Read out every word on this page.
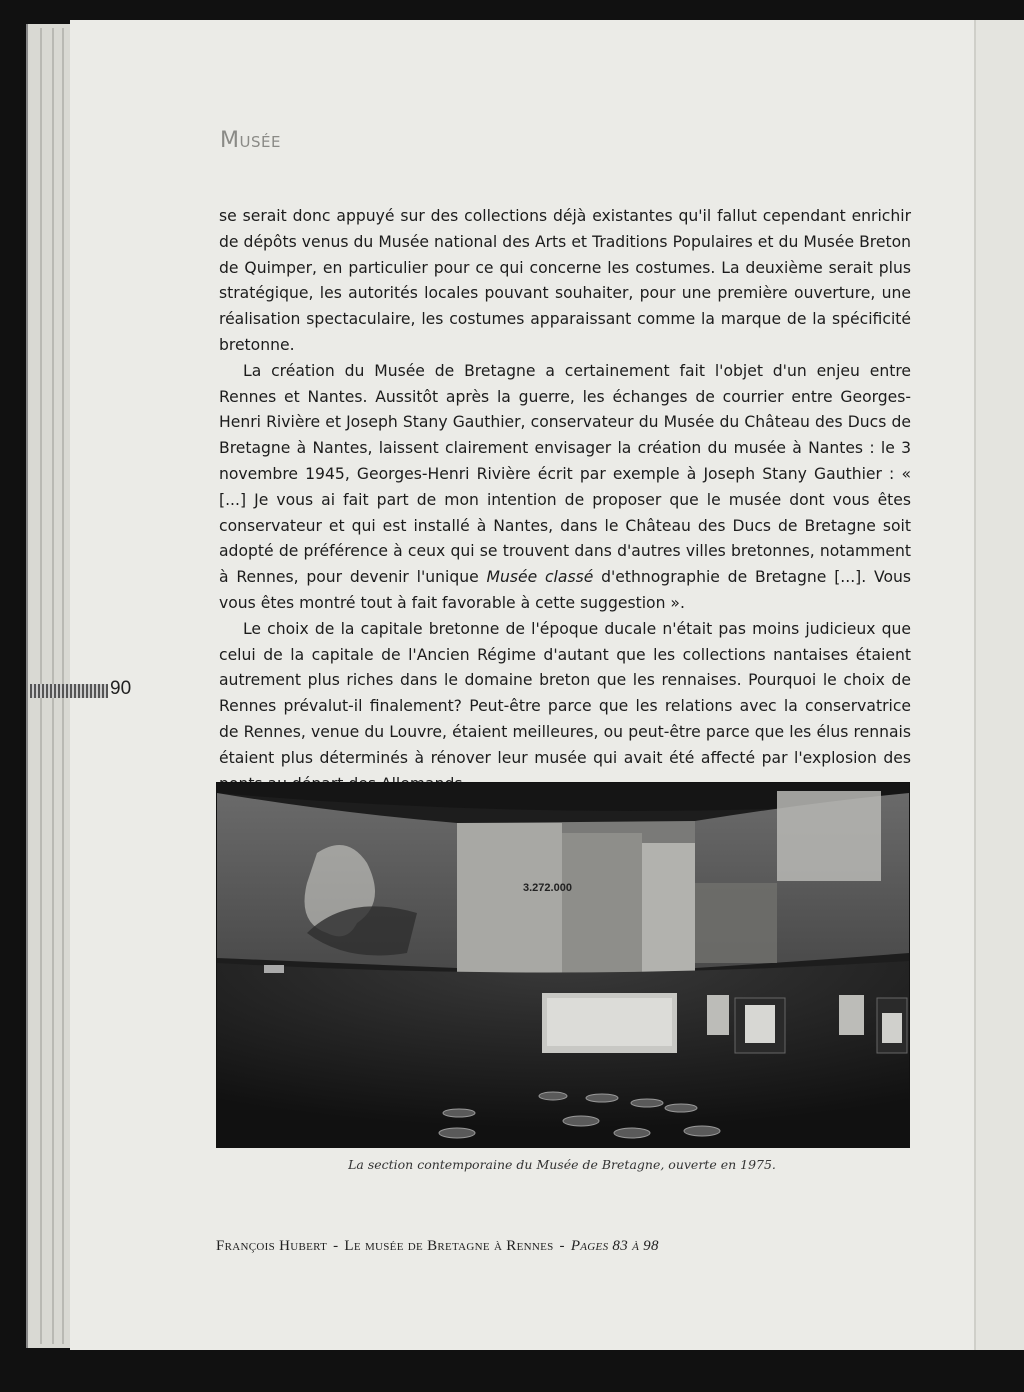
Musée

se serait donc appuyé sur des collections déjà existantes qu'il fallut cependant enrichir de dépôts venus du Musée national des Arts et Traditions Populaires et du Musée Breton de Quimper, en particulier pour ce qui concerne les costumes. La deuxième serait plus stratégique, les autorités locales pouvant souhaiter, pour une première ouverture, une réalisation spectaculaire, les costumes apparaissant comme la marque de la spécificité bretonne.

La création du Musée de Bretagne a certainement fait l'objet d'un enjeu entre Rennes et Nantes. Aussitôt après la guerre, les échanges de courrier entre Georges-Henri Rivière et Joseph Stany Gauthier, conservateur du Musée du Château des Ducs de Bretagne à Nantes, laissent clairement envisager la création du musée à Nantes : le 3 novembre 1945, Georges-Henri Rivière écrit par exemple à Joseph Stany Gauthier : « [...] Je vous ai fait part de mon intention de proposer que le musée dont vous êtes conservateur et qui est installé à Nantes, dans le Château des Ducs de Bretagne soit adopté de préférence à ceux qui se trouvent dans d'autres villes bretonnes, notamment à Rennes, pour devenir l'unique Musée classé d'ethnographie de Bretagne [...]. Vous vous êtes montré tout à fait favorable à cette suggestion ».

Le choix de la capitale bretonne de l'époque ducale n'était pas moins judicieux que celui de la capitale de l'Ancien Régime d'autant que les collections nantaises étaient autrement plus riches dans le domaine breton que les rennaises. Pourquoi le choix de Rennes prévalut-il finalement? Peut-être parce que les relations avec la conservatrice de Rennes, venue du Louvre, étaient meilleures, ou peut-être parce que les élus rennais étaient plus déterminés à rénover leur musée qui avait été affecté par l'explosion des

90
3.272.000
La section contemporaine du Musée de Bretagne, ouverte en 1975.
François Hubert - Le musée de Bretagne à Rennes - Pages 83 à 98
